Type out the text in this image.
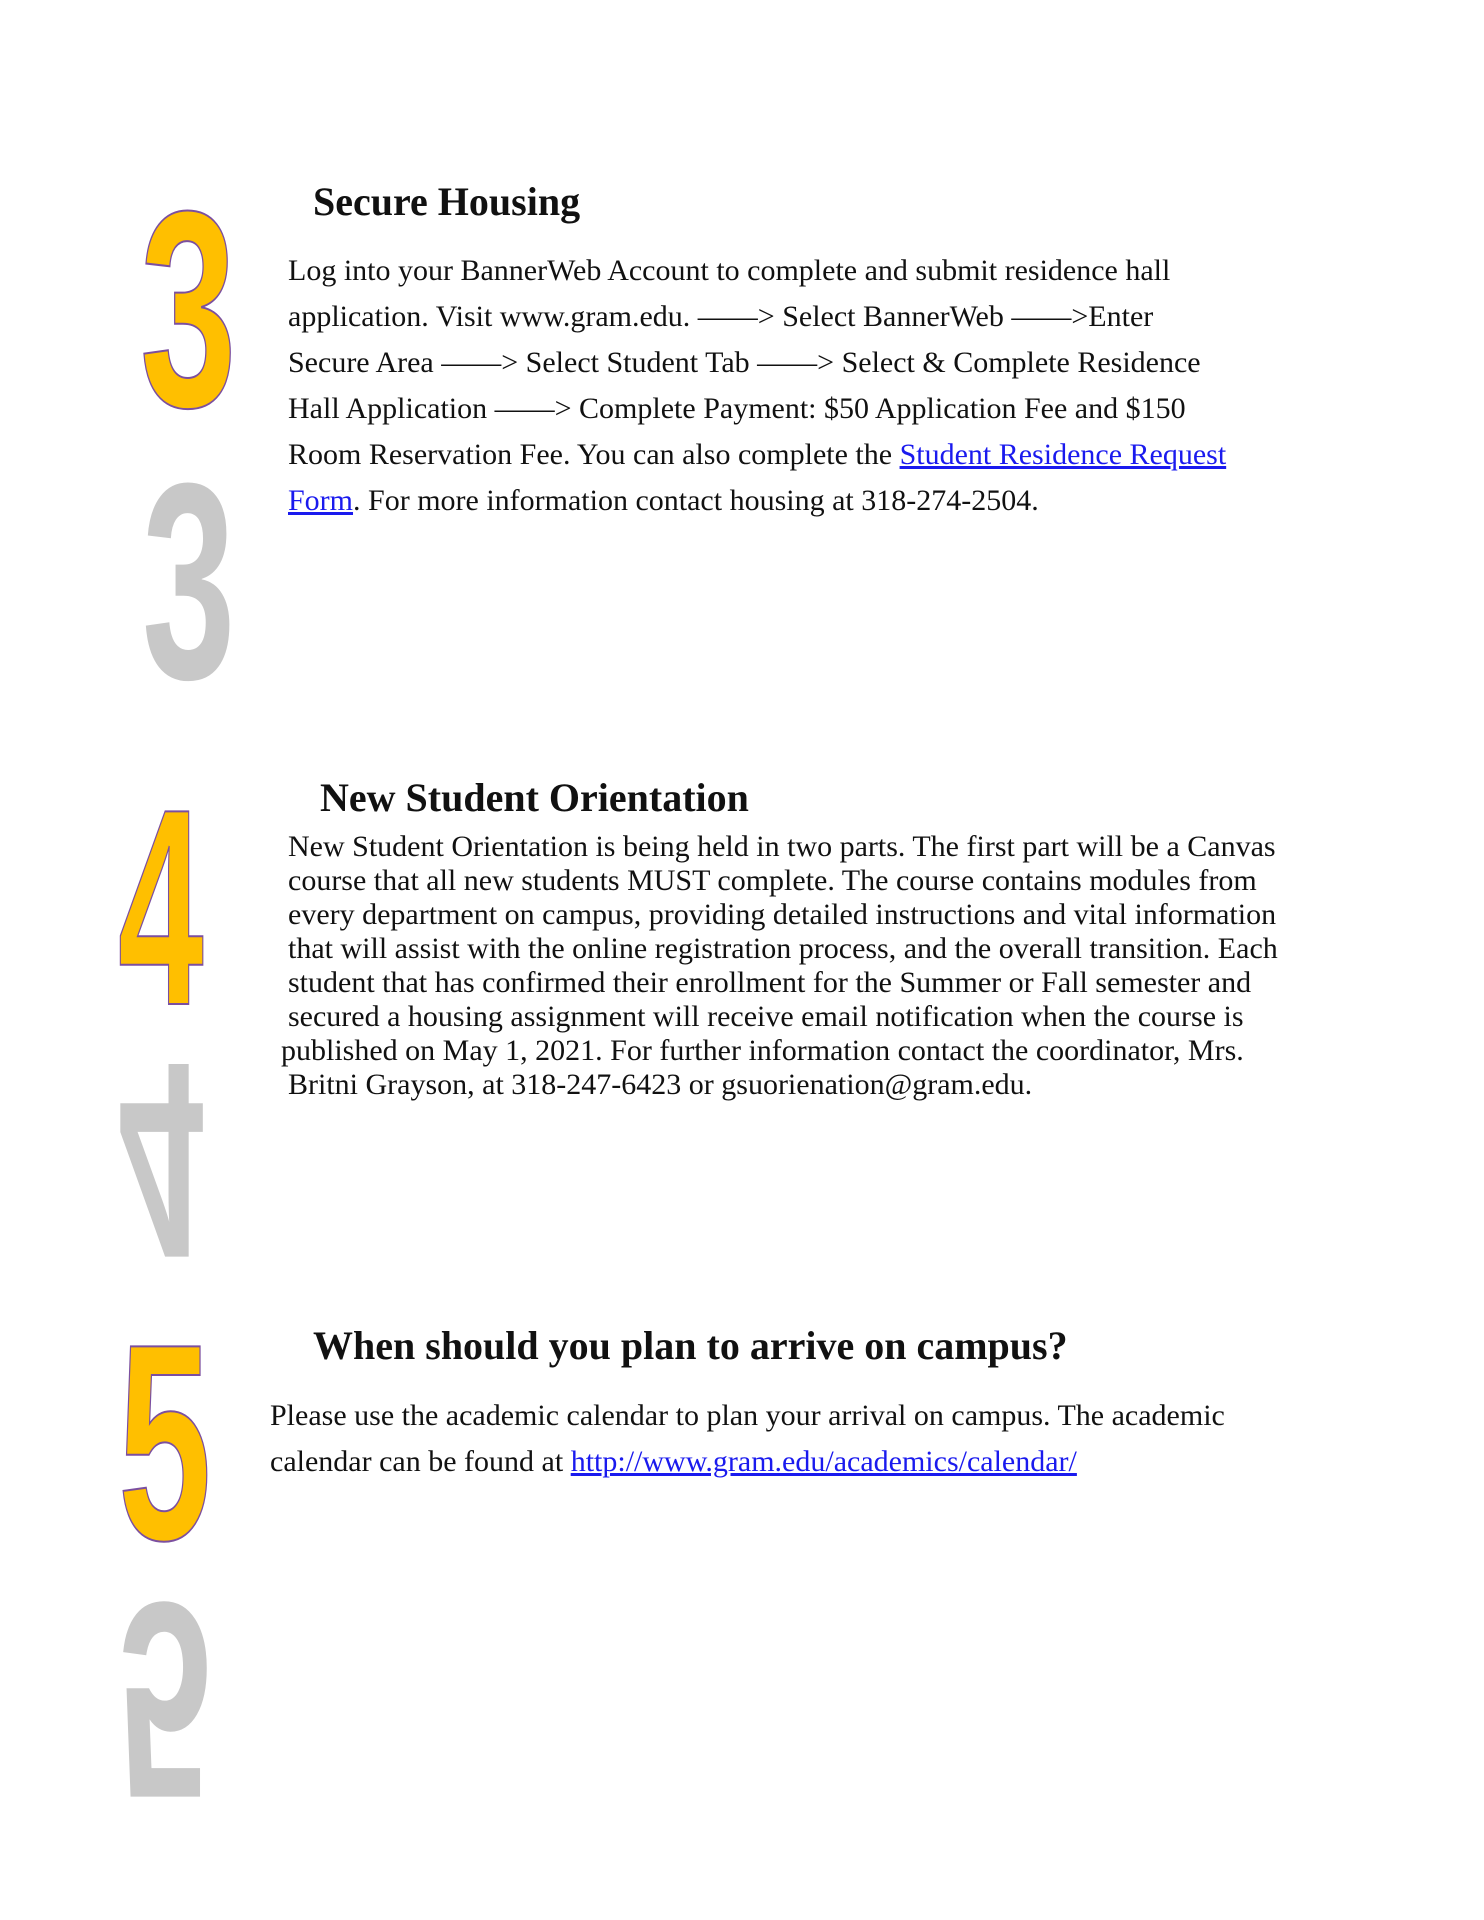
3
3
4
4
5
5
Secure Housing
Log into your BannerWeb Account to complete and submit residence hall
application. Visit www.gram.edu. ——> Select BannerWeb ——>Enter
Secure Area ——> Select Student Tab ——> Select & Complete Residence
Hall Application ——> Complete Payment: $50 Application Fee and $150
Room Reservation Fee. You can also complete the Student Residence Request
Form. For more information contact housing at 318-274-2504.
New Student Orientation
New Student Orientation is being held in two parts. The first part will be a Canvas
course that all new students MUST complete. The course contains modules from
every department on campus, providing detailed instructions and vital information
that will assist with the online registration process, and the overall transition. Each
student that has confirmed their enrollment for the Summer or Fall semester and
secured a housing assignment will receive email notification when the course is
published on May 1, 2021. For further information contact the coordinator, Mrs.
Britni Grayson, at 318-247-6423 or gsuorienation@gram.edu.
When should you plan to arrive on campus?
Please use the academic calendar to plan your arrival on campus. The academic
calendar can be found at http://www.gram.edu/academics/calendar/
